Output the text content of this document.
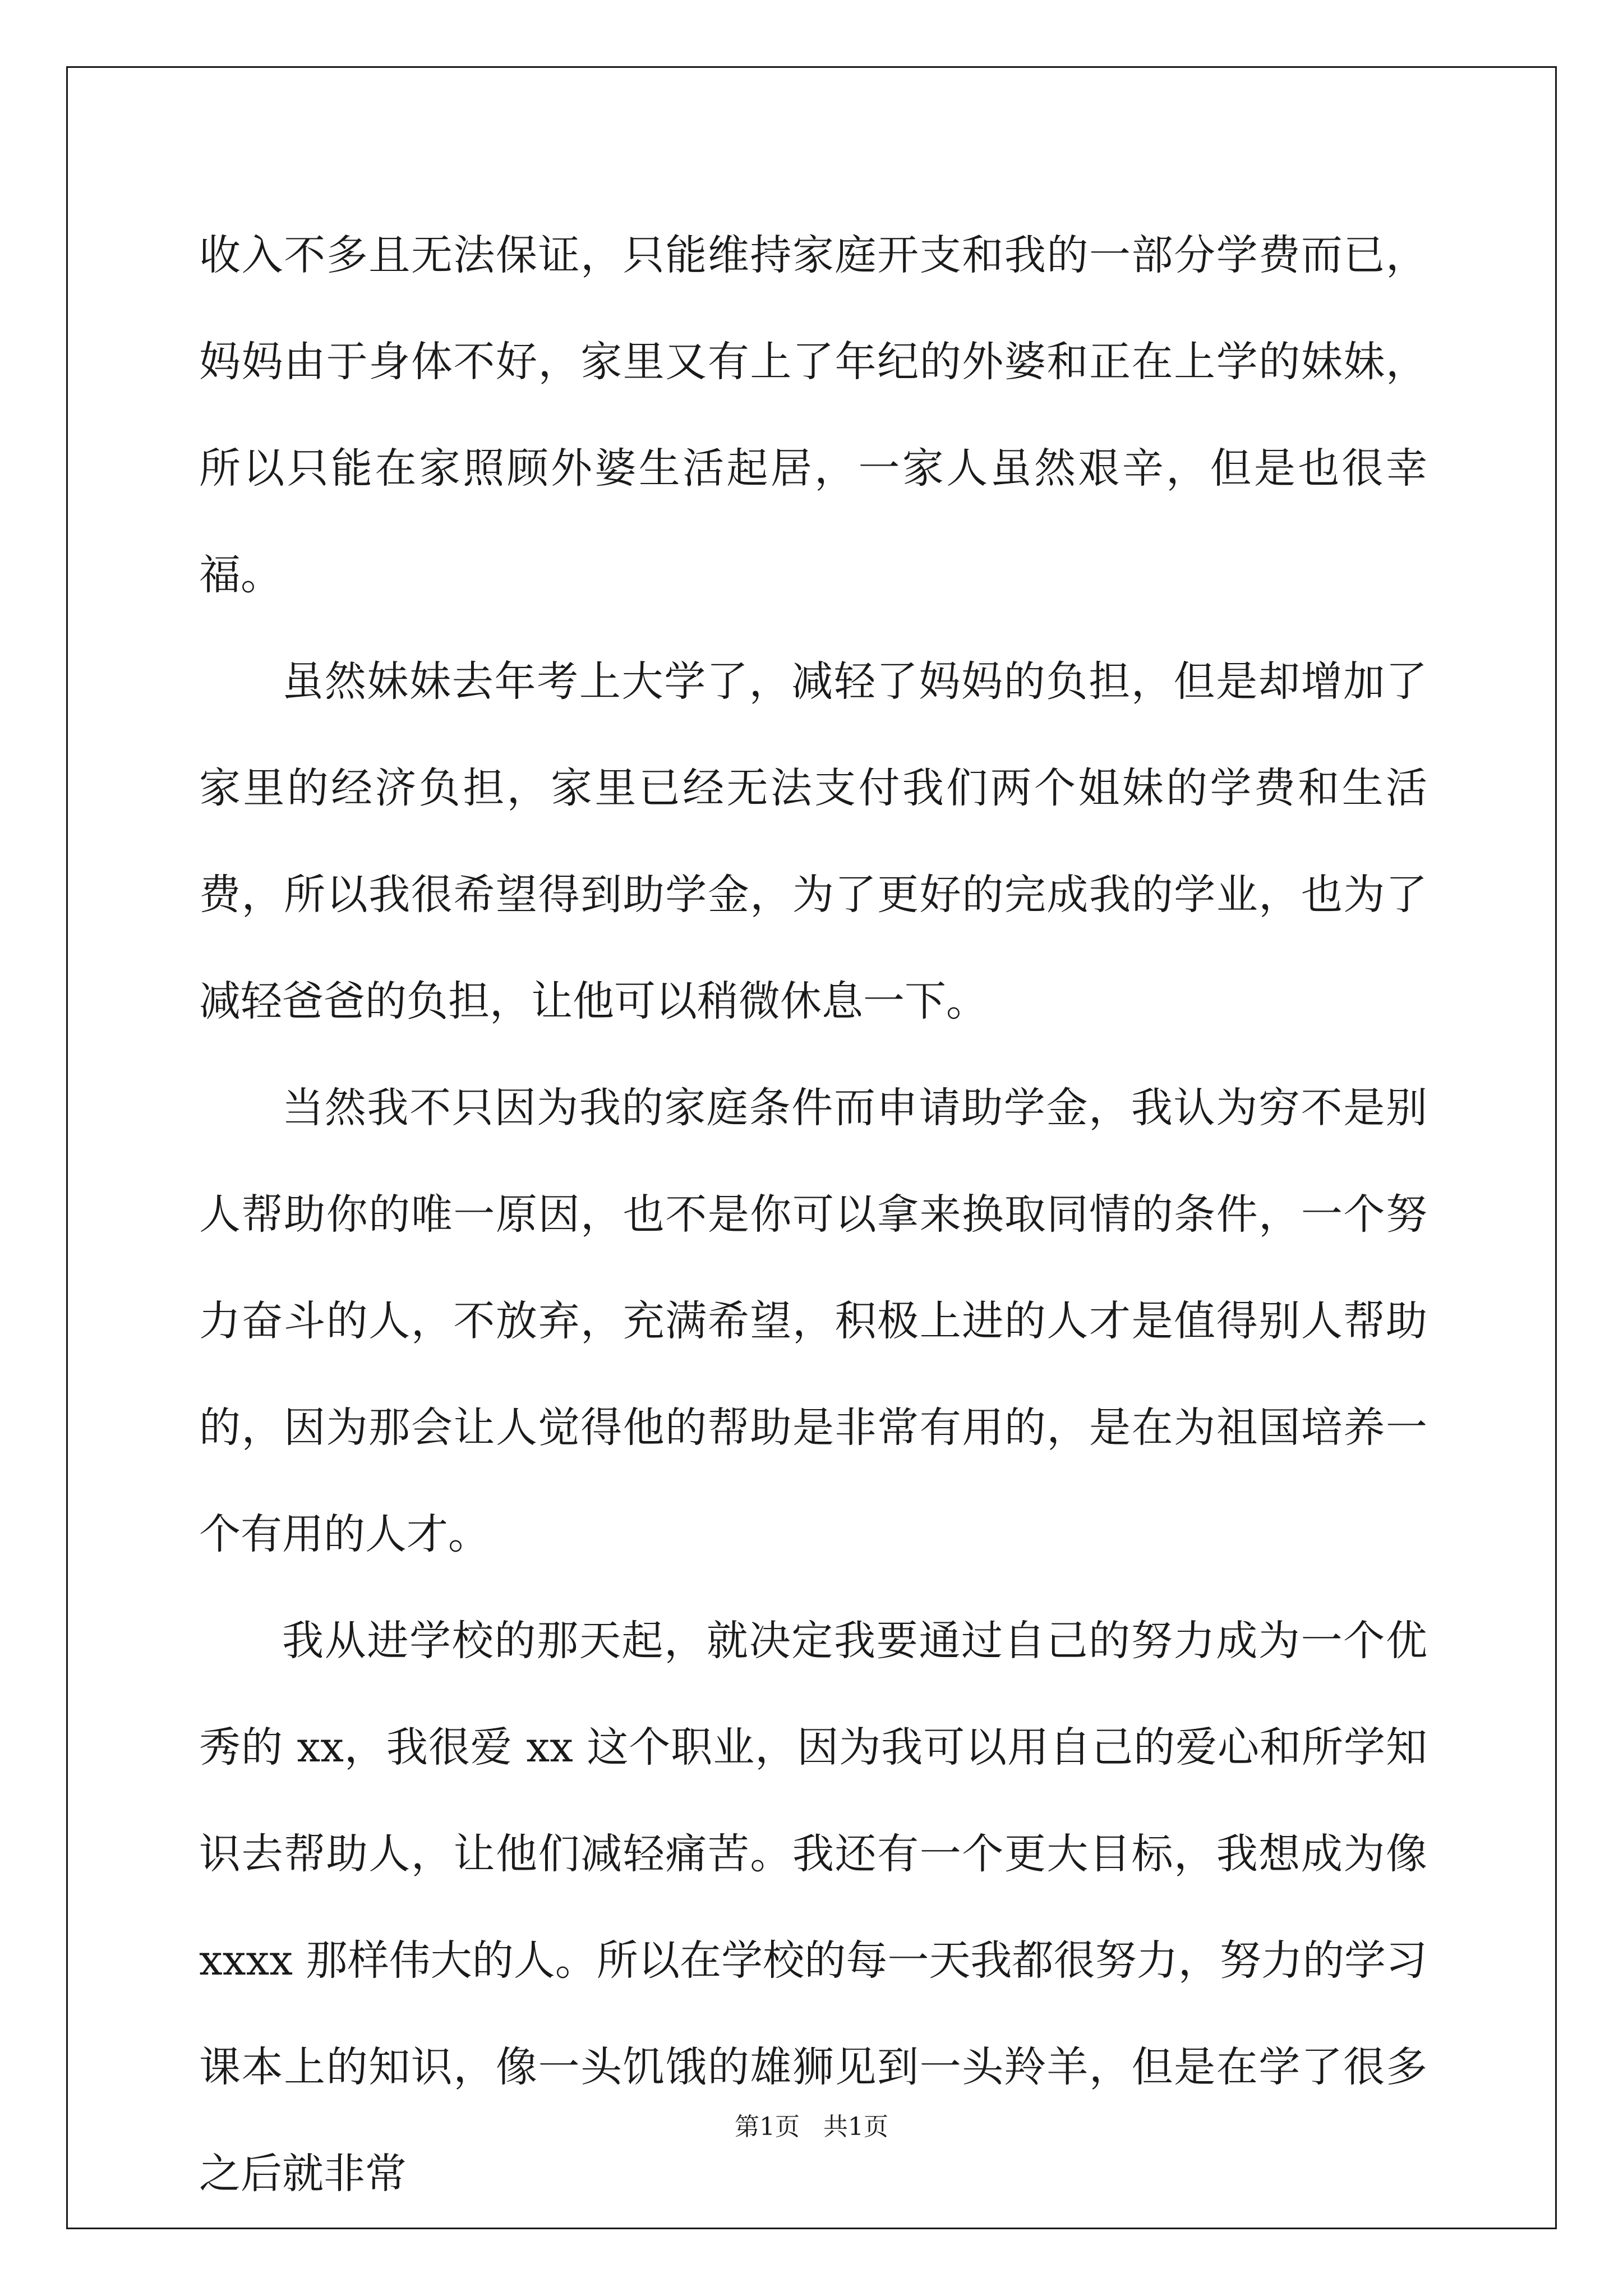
收入不多且无法保证，只能维持家庭开支和我的一部分学费而已，妈妈由于身体不好，家里又有上了年纪的外婆和正在上学的妹妹，所以只能在家照顾外婆生活起居，一家人虽然艰辛，但是也很幸福。

虽然妹妹去年考上大学了，减轻了妈妈的负担，但是却增加了家里的经济负担，家里已经无法支付我们两个姐妹的学费和生活费，所以我很希望得到助学金，为了更好的完成我的学业，也为了减轻爸爸的负担，让他可以稍微休息一下。

当然我不只因为我的家庭条件而申请助学金，我认为穷不是别人帮助你的唯一原因，也不是你可以拿来换取同情的条件，一个努力奋斗的人，不放弃，充满希望，积极上进的人才是值得别人帮助的，因为那会让人觉得他的帮助是非常有用的，是在为祖国培养一个有用的人才。

我从进学校的那天起，就决定我要通过自己的努力成为一个优秀的 xx，我很爱 xx 这个职业，因为我可以用自己的爱心和所学知识去帮助人，让他们减轻痛苦。我还有一个更大目标，我想成为像 xxxx 那样伟大的人。所以在学校的每一天我都很努力，努力的学习课本上的知识，像一头饥饿的雄狮见到一头羚羊，但是在学了很多之后就非常

第1页   共1页
